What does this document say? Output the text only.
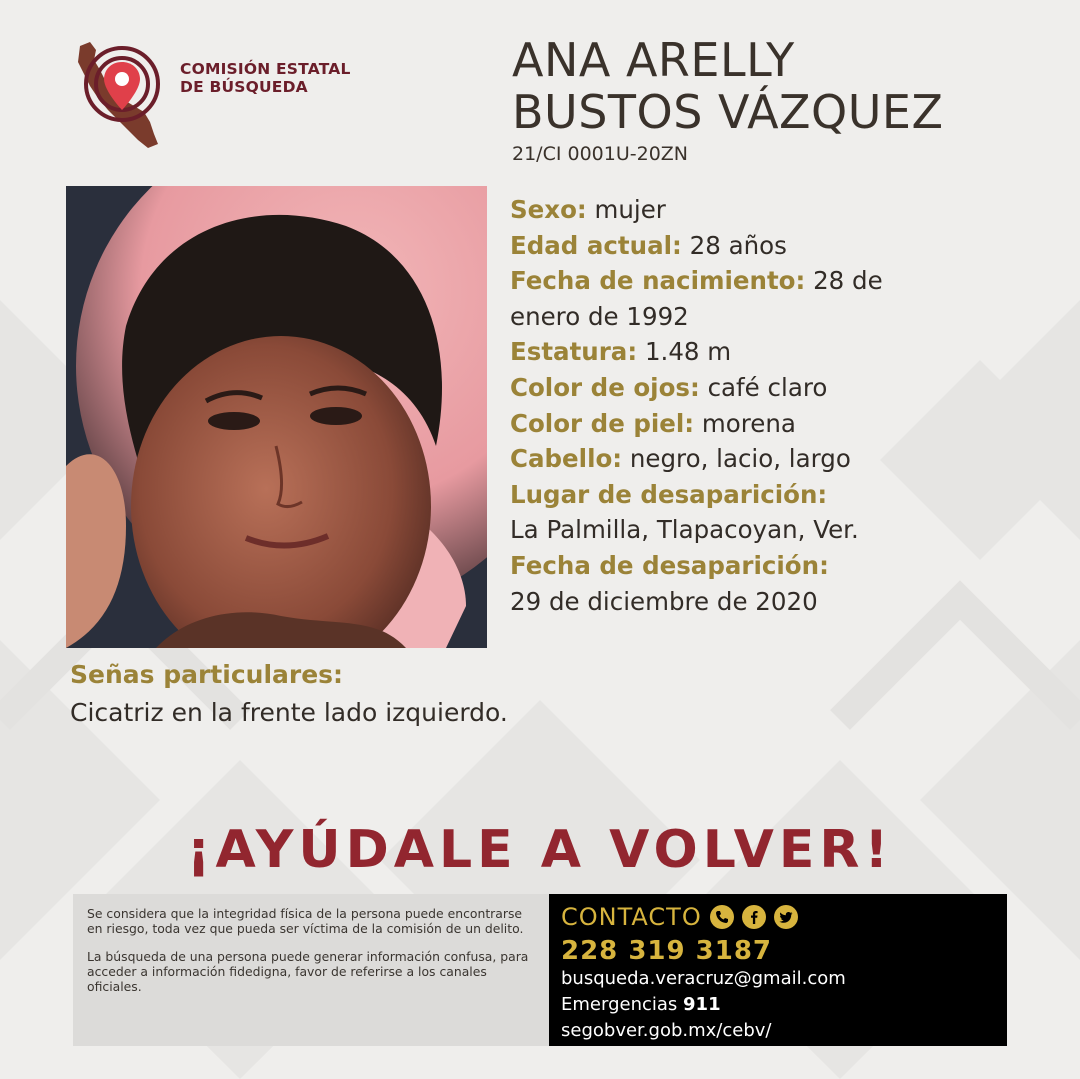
COMISIÓN ESTATAL
DE BÚSQUEDA	ANA ARELLY
BUSTOS VÁZQUEZ
21/CI 0001U-20ZN
Sexo: mujer
Edad actual: 28 años
Fecha de nacimiento: 28 de enero de 1992
Estatura: 1.48 m
Color de ojos: café claro
Color de piel: morena
Cabello: negro, lacio, largo
Lugar de desaparición:
La Palmilla, Tlapacoyan, Ver.
Fecha de desaparición:
29 de diciembre de 2020
Señas particulares:
Cicatriz en la frente lado izquierdo.
¡AYÚDALE A VOLVER!

Se considera que la integridad física de la persona puede encontrarse en riesgo, toda vez que pueda ser víctima de la comisión de un delito.

La búsqueda de una persona puede generar información confusa, para acceder a información fidedigna, favor de referirse a los canales oficiales.

CONTACTO
228 319 3187
busqueda.veracruz@gmail.com
Emergencias 911
segobver.gob.mx/cebv/
